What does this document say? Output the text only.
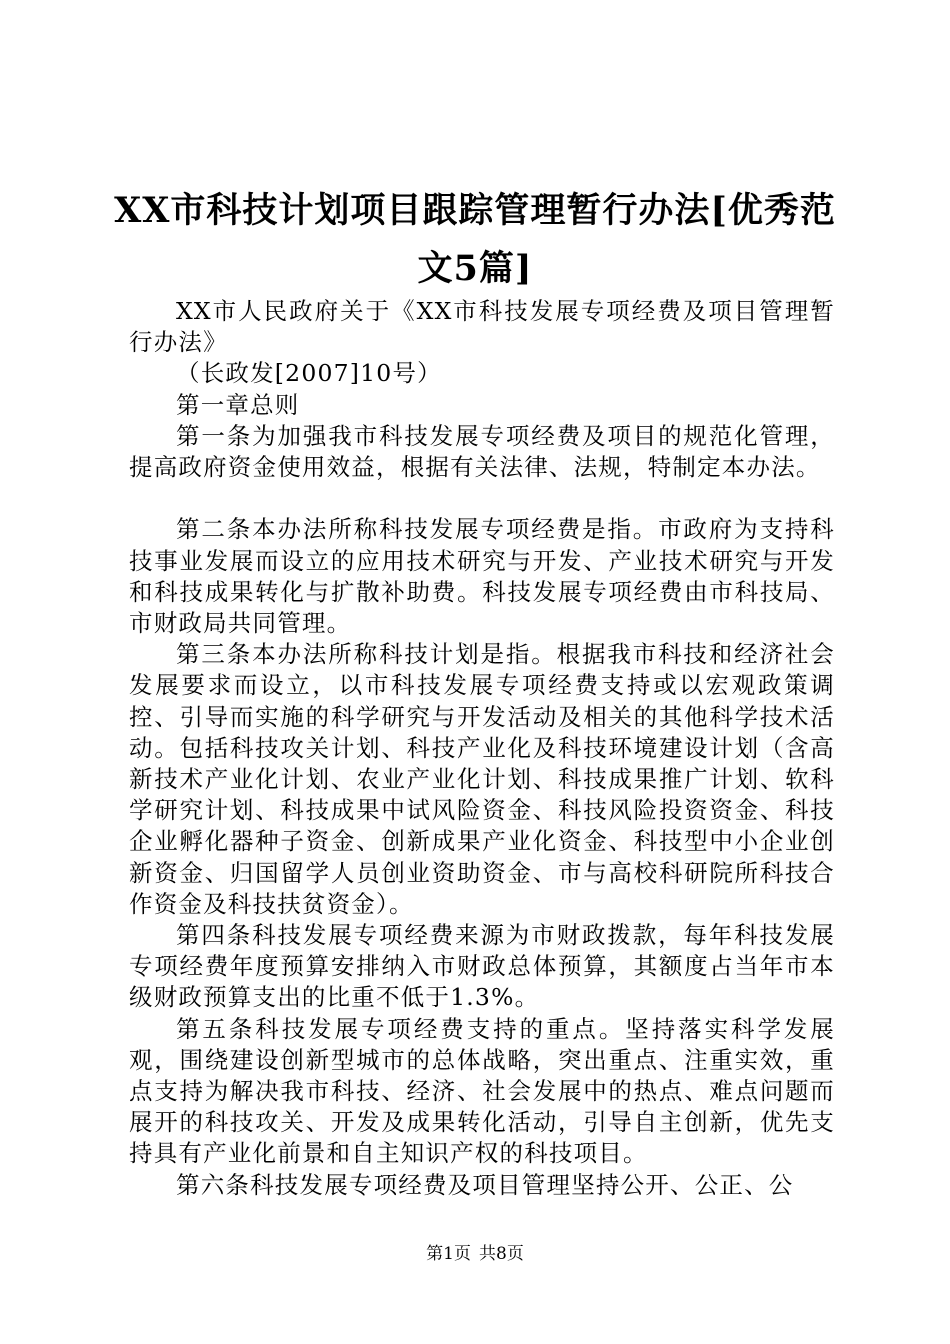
XX市科技计划项目跟踪管理暂行办法[优秀范文5篇]

XX市人民政府关于《XX市科技发展专项经费及项目管理暂行办法》

（长政发[2007]10号）

第一章总则

第一条为加强我市科技发展专项经费及项目的规范化管理，提高政府资金使用效益，根据有关法律、法规，特制定本办法。

第二条本办法所称科技发展专项经费是指。市政府为支持科技事业发展而设立的应用技术研究与开发、产业技术研究与开发和科技成果转化与扩散补助费。科技发展专项经费由市科技局、市财政局共同管理。

第三条本办法所称科技计划是指。根据我市科技和经济社会发展要求而设立，以市科技发展专项经费支持或以宏观政策调控、引导而实施的科学研究与开发活动及相关的其他科学技术活动。包括科技攻关计划、科技产业化及科技环境建设计划（含高新技术产业化计划、农业产业化计划、科技成果推广计划、软科学研究计划、科技成果中试风险资金、科技风险投资资金、科技企业孵化器种子资金、创新成果产业化资金、科技型中小企业创新资金、归国留学人员创业资助资金、市与高校科研院所科技合作资金及科技扶贫资金）。

第四条科技发展专项经费来源为市财政拨款，每年科技发展专项经费年度预算安排纳入市财政总体预算，其额度占当年市本级财政预算支出的比重不低于1.3%。

第五条科技发展专项经费支持的重点。坚持落实科学发展观，围绕建设创新型城市的总体战略，突出重点、注重实效，重点支持为解决我市科技、经济、社会发展中的热点、难点问题而展开的科技攻关、开发及成果转化活动，引导自主创新，优先支持具有产业化前景和自主知识产权的科技项目。

第六条科技发展专项经费及项目管理坚持公开、公正、公

第1页 共8页
